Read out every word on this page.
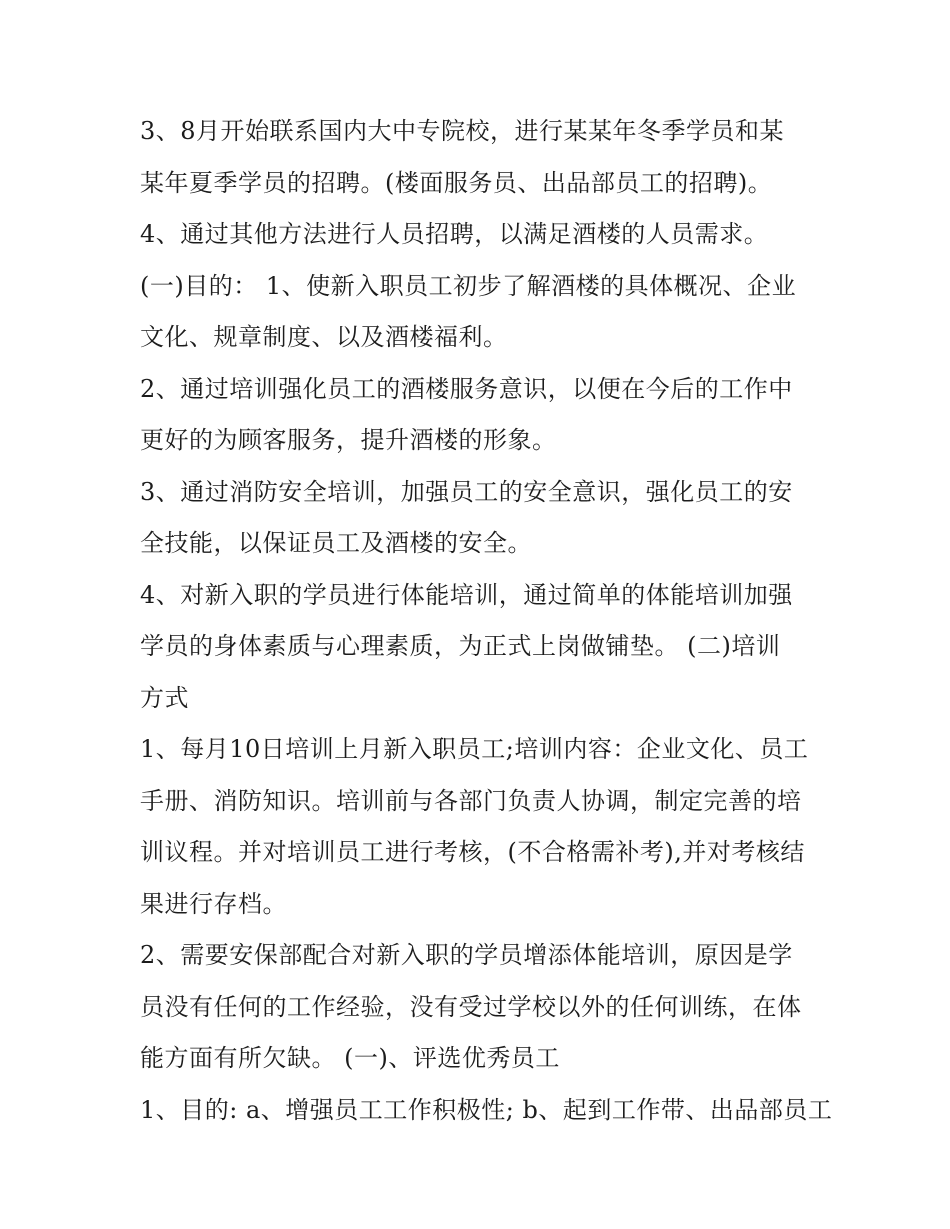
3、8月开始联系国内大中专院校，进行某某年冬季学员和某
某年夏季学员的招聘。(楼面服务员、出品部员工的招聘)。
4、通过其他方法进行人员招聘，以满足酒楼的人员需求。
(一)目的： 1、使新入职员工初步了解酒楼的具体概况、企业
文化、规章制度、以及酒楼福利。
2、通过培训强化员工的酒楼服务意识，以便在今后的工作中
更好的为顾客服务，提升酒楼的形象。
3、通过消防安全培训，加强员工的安全意识，强化员工的安
全技能，以保证员工及酒楼的安全。
4、对新入职的学员进行体能培训，通过简单的体能培训加强
学员的身体素质与心理素质，为正式上岗做铺垫。 (二)培训
方式
1、每月10日培训上月新入职员工;培训内容：企业文化、员工
手册、消防知识。培训前与各部门负责人协调，制定完善的培
训议程。并对培训员工进行考核，(不合格需补考),并对考核结
果进行存档。
2、需要安保部配合对新入职的学员增添体能培训，原因是学
员没有任何的工作经验，没有受过学校以外的任何训练，在体
能方面有所欠缺。 (一)、评选优秀员工
1、目的: a、增强员工工作积极性; b、起到工作带、出品部员工
